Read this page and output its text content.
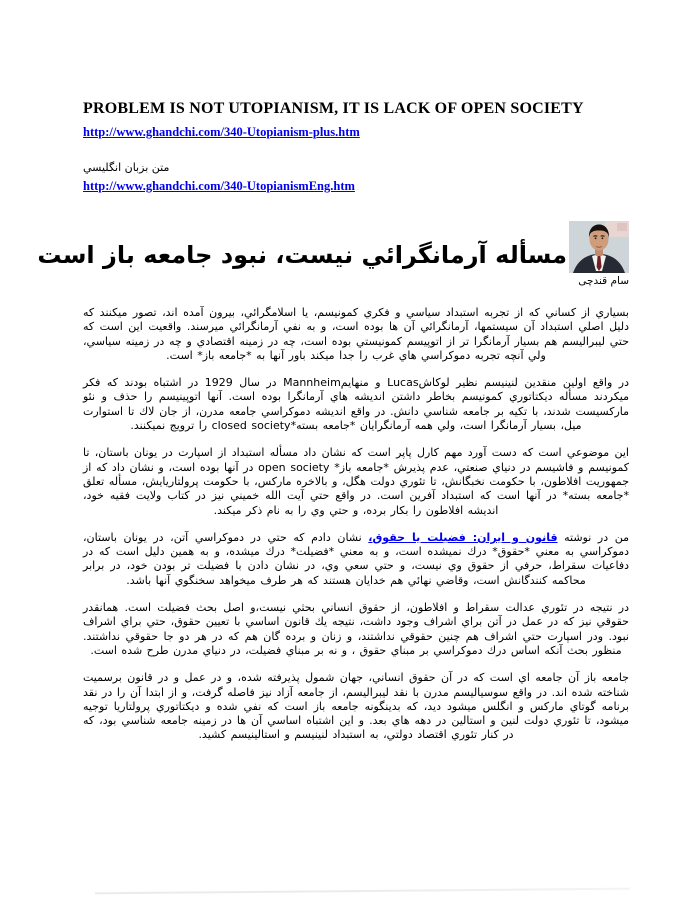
PROBLEM IS NOT UTOPIANISM, IT IS LACK OF OPEN SOCIETY
http://www.ghandchi.com/340-Utopianism-plus.htm
متن بزبان انگليسي
http://www.ghandchi.com/340-UtopianismEng.htm
مسأله آرمانگرائي نيست، نبود جامعه باز است
سام قندچی

بسياري از كساني كه از تجربه استبداد سياسي و فكري كمونيسم، يا اسلامگرائي، بيرون آمده اند، تصور ميكنند كه دليل اصلي استبداد آن سيستمها، آرمانگرائي آن ها بوده است، و به نفي آرمانگرائي ميرسند. واقعيت اين است كه حتي ليبراليسم هم بسيار آرمانگرا تر از اتوپيسم كمونيستي بوده است، چه در زمينه اقتصادي و چه در زمينه سياسي، ولي آنچه تجربه دموكراسي هاي غرب را جدا ميكند باور آنها به *جامعه باز* است.

در واقع اولين منقدين لنينيسم نظير لوكاشLucas و منهايمMannheim در سال 1929 در اشتباه بودند كه فكر ميكردند مسأله ديكتاتوري كمونيسم بخاطر داشتن انديشه هاي آرمانگرا بوده است. آنها اتوپينيسم را حذف و نئو ماركسيست شدند، با تكيه بر جامعه شناسي دانش. در واقع انديشه دموكراسي جامعه مدرن، از جان لاك تا استوارت ميل، بسيار آرمانگرا است، ولي همه آرمانگرايان *جامعه بسته*closed society را ترويج نميكنند.

اين موضوعي است كه دست آورد مهم كارل پاپر است كه نشان داد مسأله استبداد از اسپارت در يونان باستان، تا كمونيسم و فاشيسم در دنياي صنعتي، عدم پذيرش *جامعه باز* open society در آنها بوده است، و نشان داد كه از جمهوريت افلاطون، با حكومت نخبگانش، تا تئوري دولت هگل، و بالاخره ماركس، با حكومت پرولتاريايش، مسأله تعلق *جامعه بسته* در آنها است كه استبداد آفرين است. در واقع حتي آيت الله خميني نيز در كتاب ولايت فقيه خود، انديشه افلاطون را بكار برده، و حتي وي را به نام ذكر ميكند.

من در نوشته قانون و ايران: فضيلت يا حقوق، نشان دادم كه حتي در دموكراسي آتن، در يونان باستان، دموكراسي به معني *حقوق* درك نميشده است، و به معني *فضيلت* درك ميشده، و به همين دليل است كه در دفاعيات سقراط، حرفي از حقوق وي نيست، و حتي سعي وي، در نشان دادن با فضيلت تر بودن خود، در برابر محاكمه كنندگانش است، وقاضي نهائي هم خدايان هستند كه هر طرف ميخواهد سخنگوي آنها باشد.

در نتيجه در تئوري عدالت سقراط و افلاطون، از حقوق انساني بحثي نيست،و اصل بحث فضيلت است. همانقدر حقوقي نيز كه در عمل در آتن براي اشراف وجود داشت، نتيجه يك قانون اساسي با تعيين حقوق، حتي براي اشراف نبود. ودر اسپارت حتي اشراف هم چنين حقوقي نداشتند، و زنان و برده گان هم كه در هر دو جا حقوقي نداشتند. منظور بحث آنكه اساس درك دموكراسي بر مبناي حقوق ، و نه بر مبناي فضيلت، در دنياي مدرن طرح شده است.

جامعه باز آن جامعه اي است كه در آن حقوق انساني، جهان شمول پذيرفته شده، و در عمل و در قانون برسميت شناخته شده اند. در واقع سوسياليسم مدرن با نقد ليبراليسم، از جامعه آزاد نيز فاصله گرفت، و از ابتدا آن را در نقد برنامه گوتاي ماركس و انگلس ميشود ديد، كه بدينگونه جامعه باز است كه نفي شده و ديكتاتوري پرولتاريا توجيه ميشود، تا تئوري دولت لنين و استالين در دهه هاي بعد. و اين اشتباه اساسي آن ها در زمينه جامعه شناسي بود، كه در كنار تئوري اقتصاد دولتي، به استبداد لنينيسم و استالينيسم كشيد.
